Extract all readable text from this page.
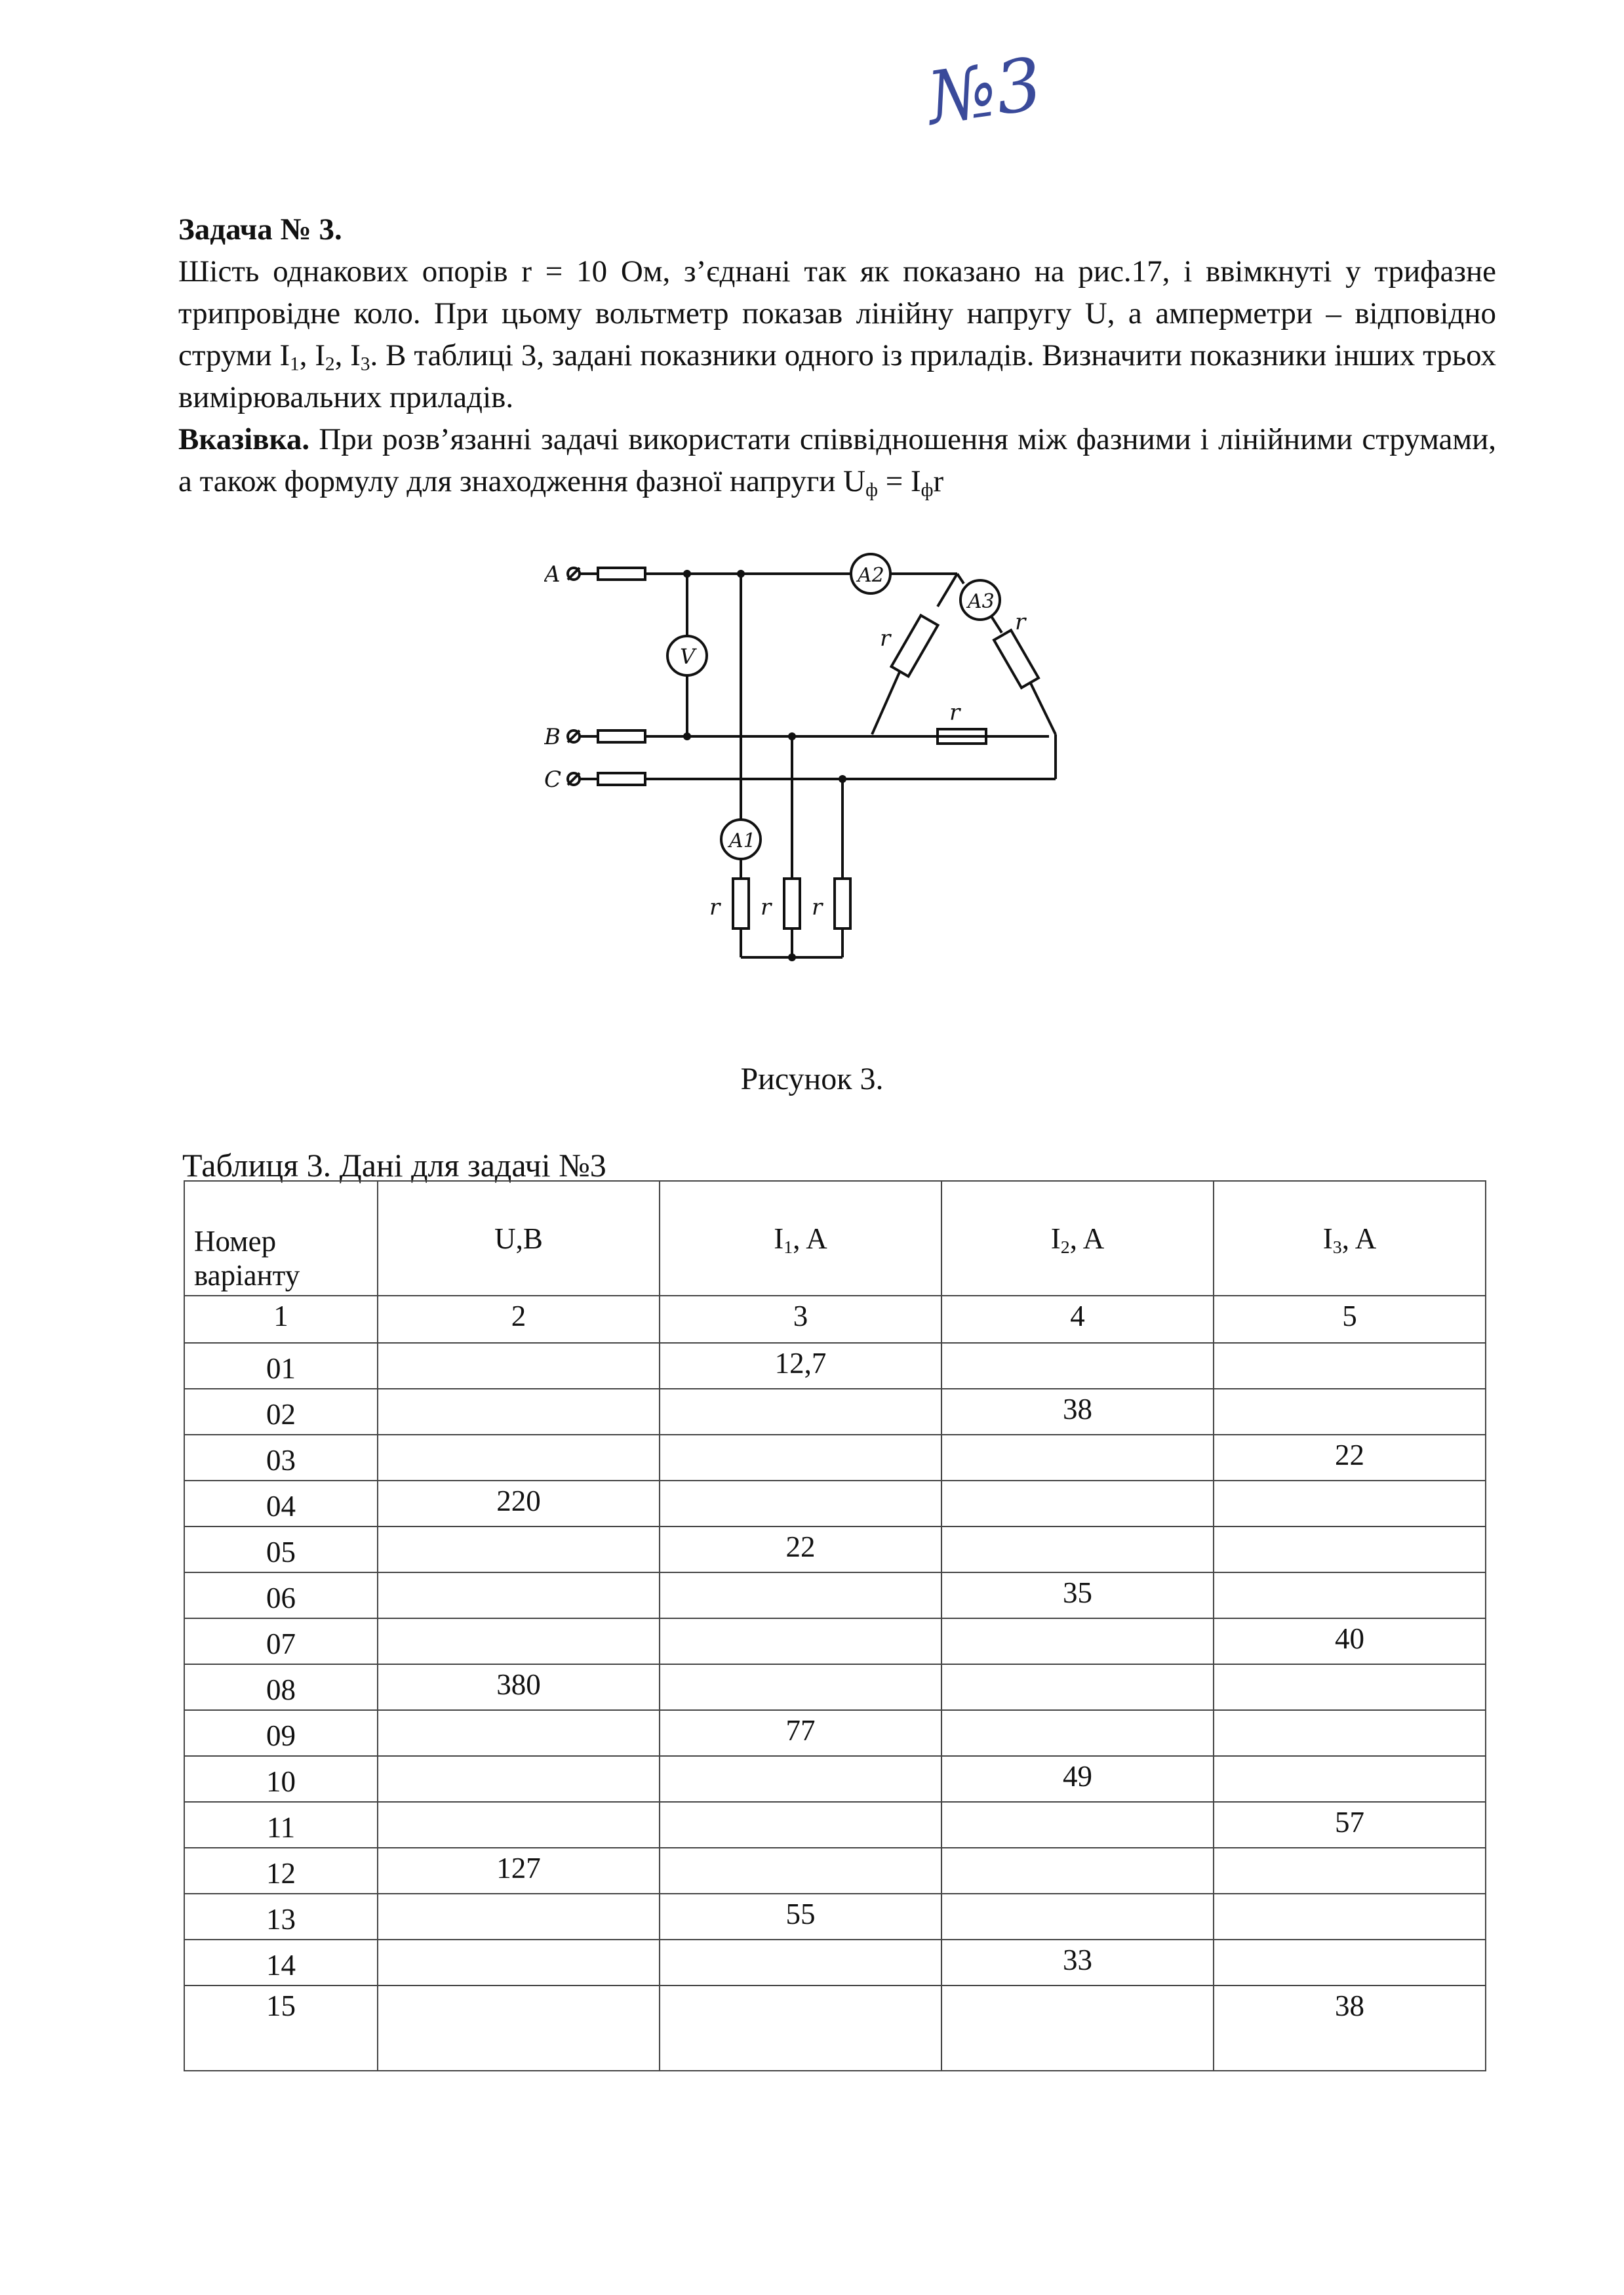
№3

Задача № 3.
Шість однакових опорів r = 10 Ом, з’єднані так як показано на рис.17, і ввімкнуті у трифазне трипровідне коло. При цьому вольтметр показав лінійну напругу U, а амперметри – відповідно струми $I_1$, $I_2$, $I_3$. В таблиці 3, задані показники одного із приладів. Визначити показники інших трьох вимірювальних приладів.

Вказівка. При розв’язанні задачі використати співвідношення між фазними і лінійними струмами, а також формулу для знаходження фазної напруги $U_ф = I_фr$

A
B
C
V
A2
A3
r
r
r
A1
r r r
Рисунок 3.
Таблиця 3. Дані для задачі №3
Номер варіанту	U,B	$I_1$, A	$I_2$, A	$I_3$, A
1	2	3	4	5
01		12,7		
02			38	
03				22
04	220			
05		22		
06			35	
07				40
08	380			
09		77		
10			49	
11				57
12	127			
13		55		
14			33	
15				38
